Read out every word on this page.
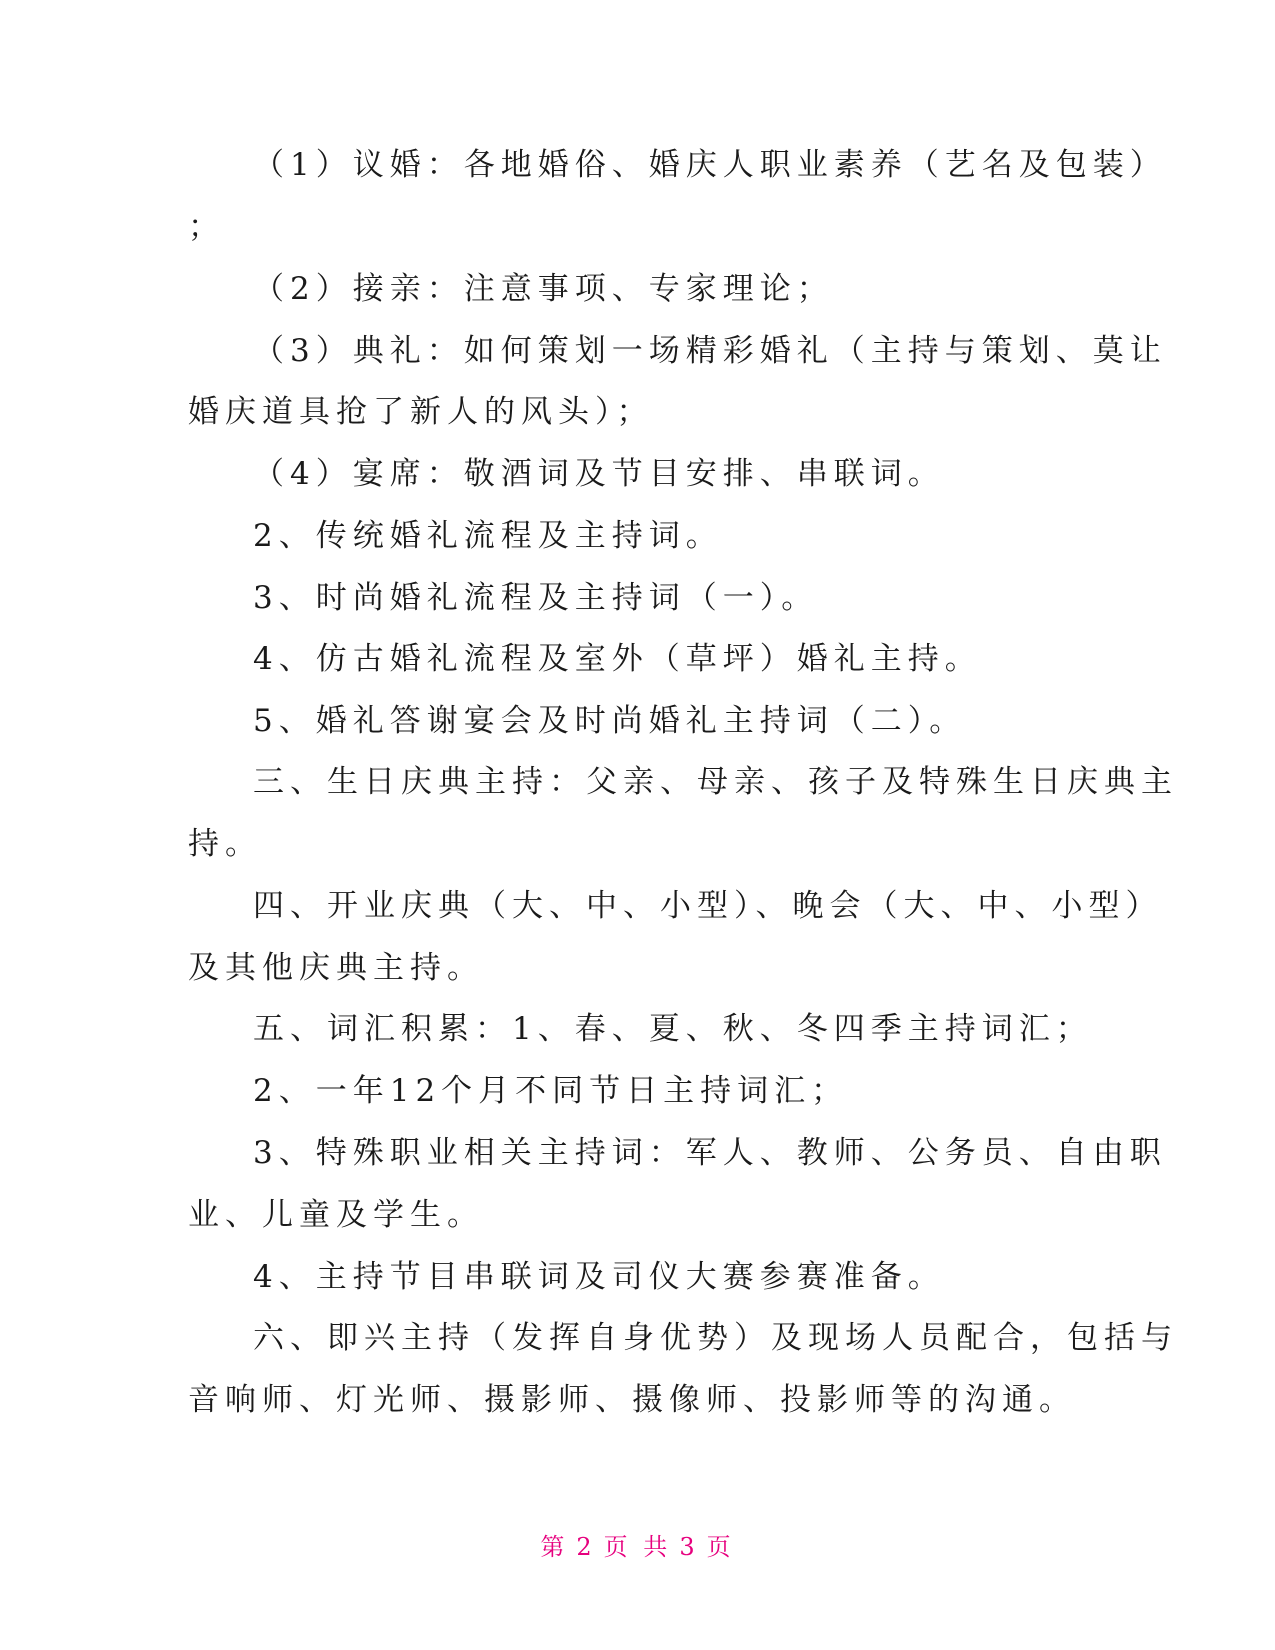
（1）议婚：各地婚俗、婚庆人职业素养（艺名及包装）
；
（2）接亲：注意事项、专家理论；
（3）典礼：如何策划一场精彩婚礼（主持与策划、莫让
婚庆道具抢了新人的风头）；
（4）宴席：敬酒词及节目安排、串联词。
2、传统婚礼流程及主持词。
3、时尚婚礼流程及主持词（一）。
4、仿古婚礼流程及室外（草坪）婚礼主持。
5、婚礼答谢宴会及时尚婚礼主持词（二）。
三、生日庆典主持：父亲、母亲、孩子及特殊生日庆典主
持。
四、开业庆典（大、中、小型）、晚会（大、中、小型）
及其他庆典主持。
五、词汇积累：1、春、夏、秋、冬四季主持词汇；
2、一年12个月不同节日主持词汇；
3、特殊职业相关主持词：军人、教师、公务员、自由职
业、儿童及学生。
4、主持节目串联词及司仪大赛参赛准备。
六、即兴主持（发挥自身优势）及现场人员配合，包括与
音响师、灯光师、摄影师、摄像师、投影师等的沟通。
第 2 页 共 3 页
